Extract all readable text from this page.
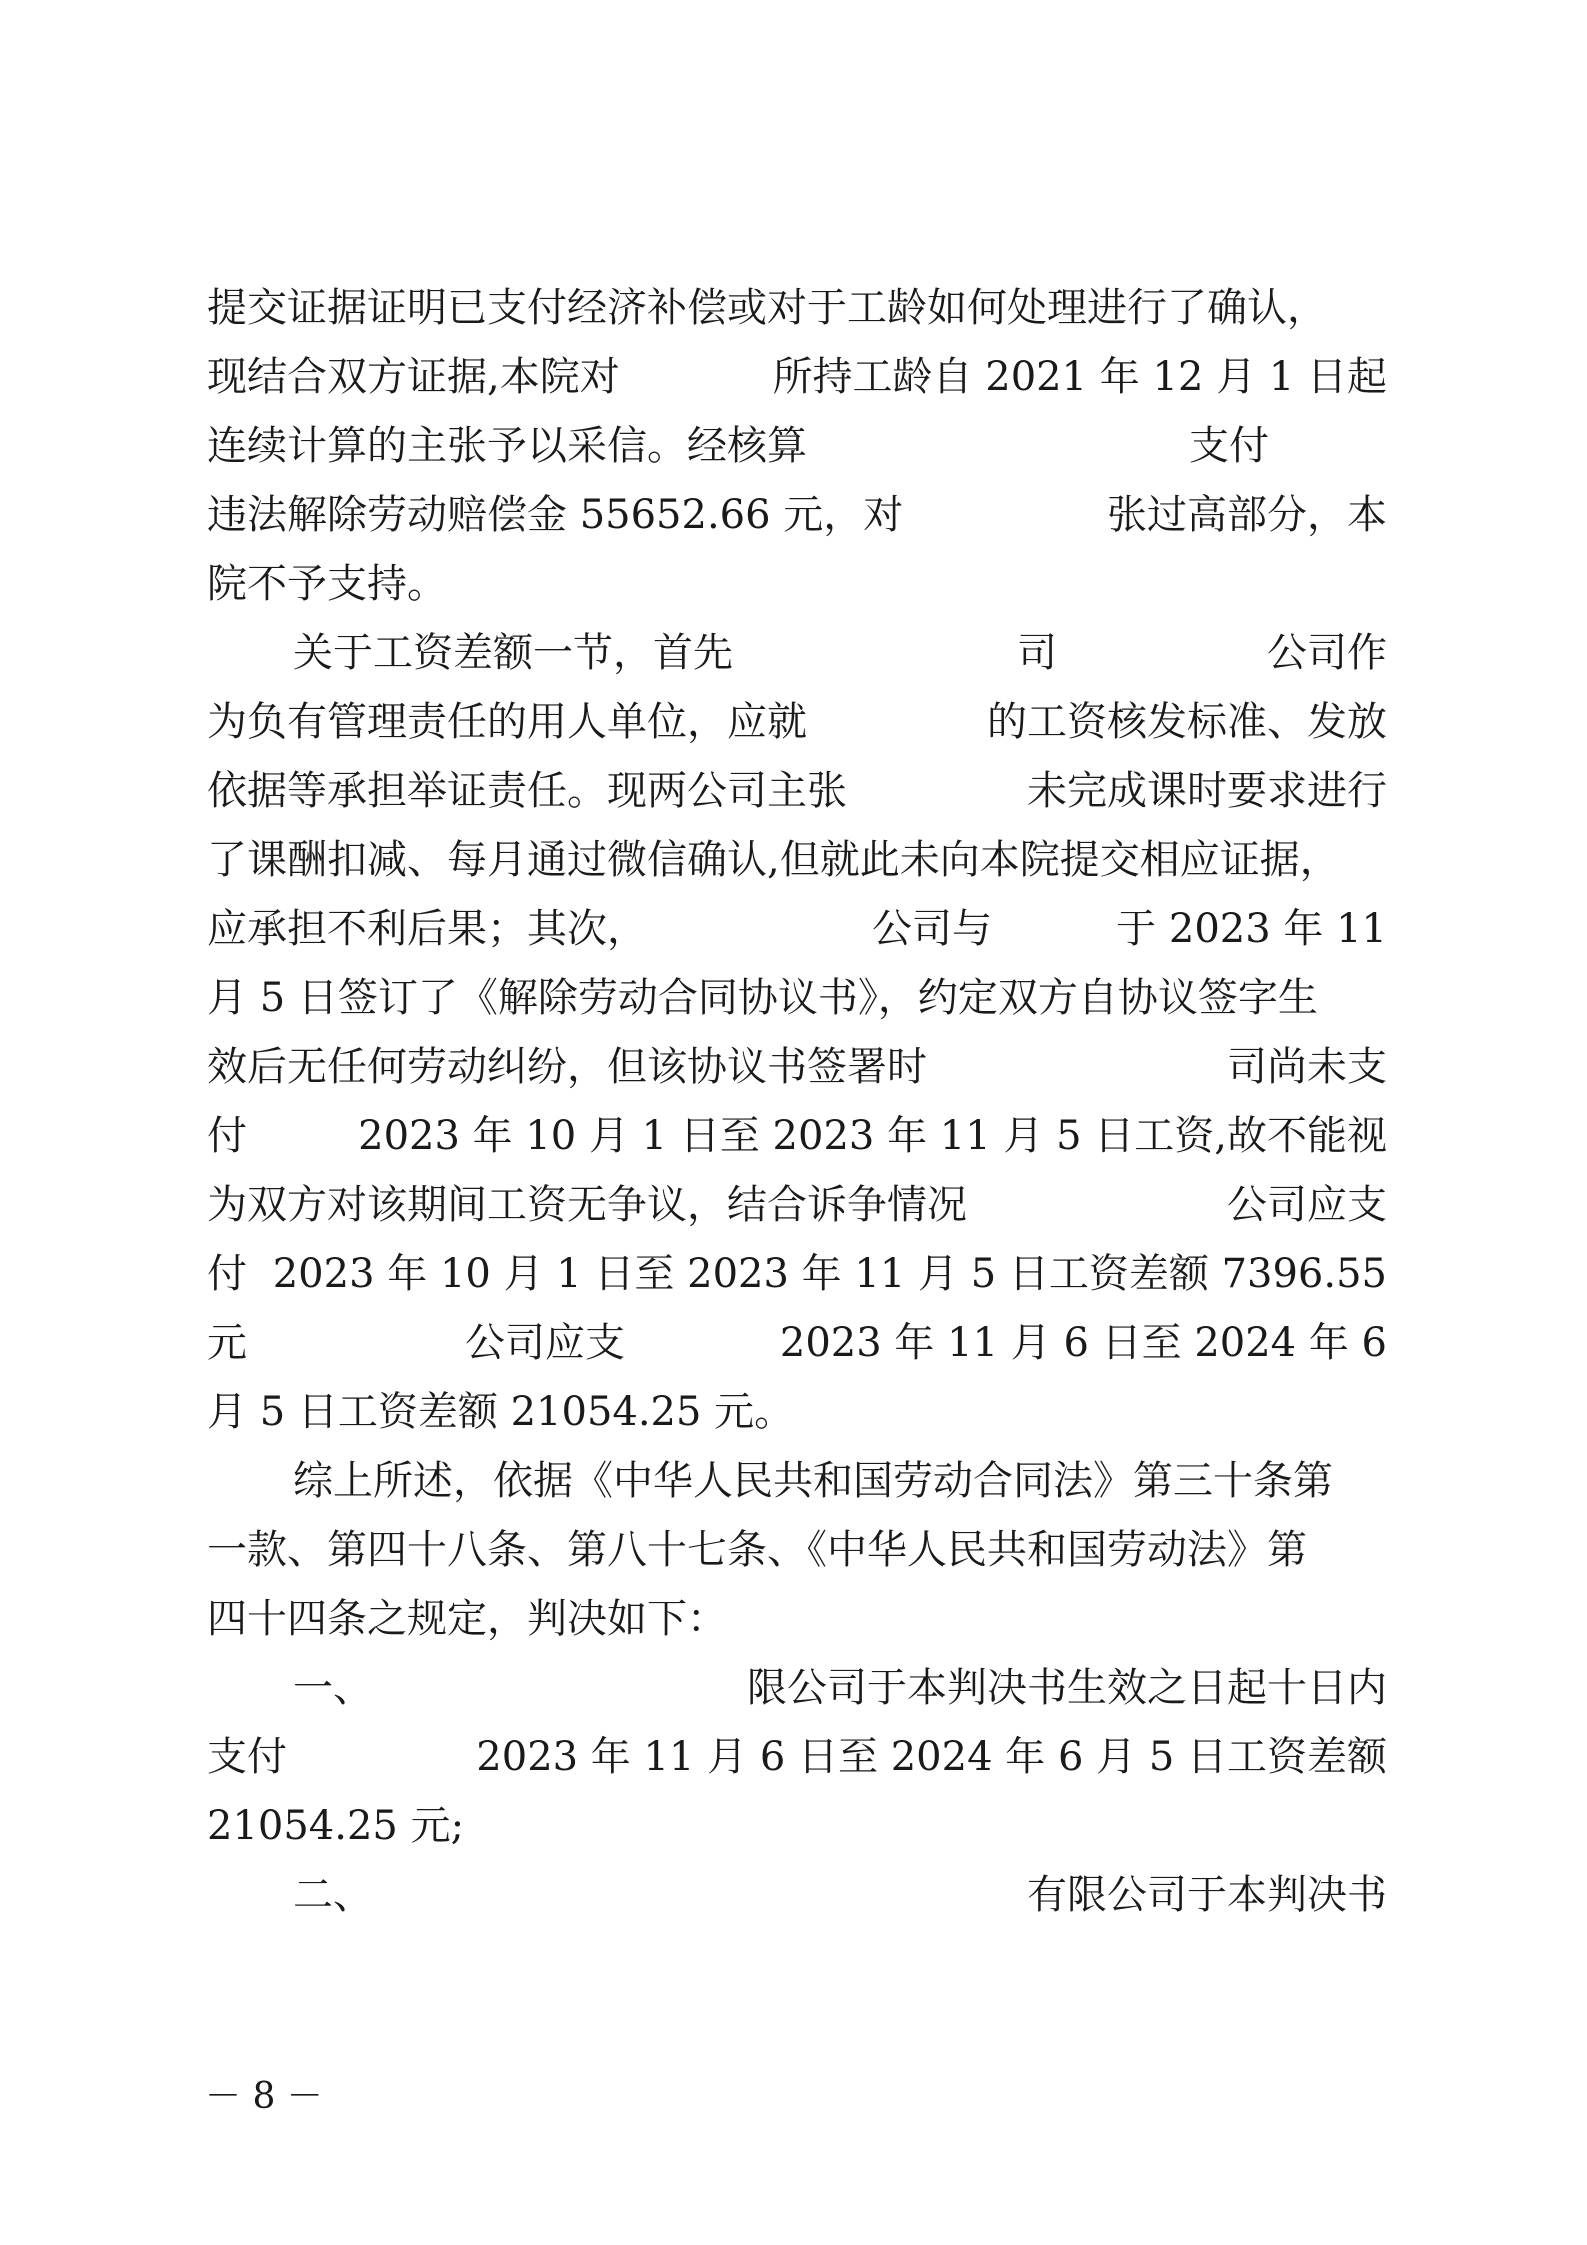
提交证据证明已支付经济补偿或对于工龄如何处理进行了确认，
现结合双方证据,本院对	所持工龄自 2021 年 12 月 1 日起
连续计算的主张予以采信。经核算	支付
违法解除劳动赔偿金 55652.66 元，对	张过高部分，本
院不予支持。
关于工资差额一节，首先	司	公司作
为负有管理责任的用人单位，应就	的工资核发标准、发放
依据等承担举证责任。现两公司主张	未完成课时要求进行
了课酬扣减、每月通过微信确认,但就此未向本院提交相应证据，
应承担不利后果；其次，	公司与	于 2023 年 11
月 5 日签订了《解除劳动合同协议书》，约定双方自协议签字生
效后无任何劳动纠纷，但该协议书签署时	司尚未支
付	2023 年 10 月 1 日至 2023 年 11 月 5 日工资,故不能视
为双方对该期间工资无争议，结合诉争情况	公司应支
付 2023 年 10 月 1 日至 2023 年 11 月 5 日工资差额 7396.55
元	公司应支	2023 年 11 月 6 日至 2024 年 6
月 5 日工资差额 21054.25 元。
综上所述，依据《中华人民共和国劳动合同法》第三十条第
一款、第四十八条、第八十七条、《中华人民共和国劳动法》第
四十四条之规定，判决如下：
一、	限公司于本判决书生效之日起十日内
支付	2023 年 11 月 6 日至 2024 年 6 月 5 日工资差额
21054.25 元;
二、	有限公司于本判决书
－ 8 －
